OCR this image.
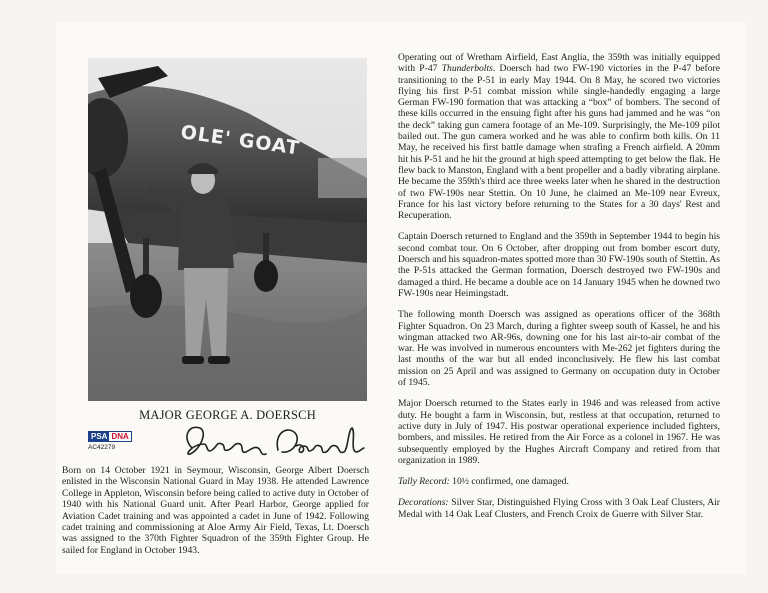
OLE' GOAT
MAJOR GEORGE A. DOERSCH
PSA DNA
AC42279
Born on 14 October 1921 in Seymour, Wisconsin, George Albert Doersch enlisted in the Wisconsin National Guard in May 1938. He attended Lawrence College in Appleton, Wisconsin before being called to active duty in October of 1940 with his National Guard unit. After Pearl Harbor, George applied for Aviation Cadet training and was appointed a cadet in June of 1942. Following cadet training and commissioning at Aloe Army Air Field, Texas, Lt. Doersch was assigned to the 370th Fighter Squadron of the 359th Fighter Group. He sailed for England in October 1943.

Operating out of Wretham Airfield, East Anglia, the 359th was initially equipped with P-47 Thunderbolts. Doersch had two FW-190 victories in the P-47 before transitioning to the P-51 in early May 1944. On 8 May, he scored two victories flying his first P-51 combat mission while single-handedly engaging a large German FW-190 formation that was attacking a “box” of bombers. The second of these kills occurred in the ensuing fight after his guns had jammed and he was “on the deck” taking gun camera footage of an Me-109. Surprisingly, the Me-109 pilot bailed out. The gun camera worked and he was able to confirm both kills. On 11 May, he received his first battle damage when strafing a French airfield. A 20mm hit his P-51 and he hit the ground at high speed attempting to get below the flak. He flew back to Manston, England with a bent propeller and a badly vibrating airplane. He became the 359th's third ace three weeks later when he shared in the destruction of two FW-190s near Stettin. On 10 June, he claimed an Me-109 near Evreux, France for his last victory before returning to the States for a 30 days' Rest and Recuperation.

Captain Doersch returned to England and the 359th in September 1944 to begin his second combat tour. On 6 October, after dropping out from bomber escort duty, Doersch and his squadron-mates spotted more than 30 FW-190s south of Stettin. As the P-51s attacked the German formation, Doersch destroyed two FW-190s and damaged a third. He became a double ace on 14 January 1945 when he downed two FW-190s near Heimingstadt.

The following month Doersch was assigned as operations officer of the 368th Fighter Squadron. On 23 March, during a fighter sweep south of Kassel, he and his wingman attacked two AR-96s, downing one for his last air-to-air combat of the war. He was involved in numerous encounters with Me-262 jet fighters during the last months of the war but all ended inconclusively. He flew his last combat mission on 25 April and was assigned to Germany on occupation duty in October of 1945.

Major Doersch returned to the States early in 1946 and was released from active duty. He bought a farm in Wisconsin, but, restless at that occupation, returned to active duty in July of 1947. His postwar operational experience included fighters, bombers, and missiles. He retired from the Air Force as a colonel in 1967. He was subsequently employed by the Hughes Aircraft Company and retired from that organization in 1989.

Tally Record: 10½ confirmed, one damaged.

Decorations: Silver Star, Distinguished Flying Cross with 3 Oak Leaf Clusters, Air Medal with 14 Oak Leaf Clusters, and French Croix de Guerre with Silver Star.
